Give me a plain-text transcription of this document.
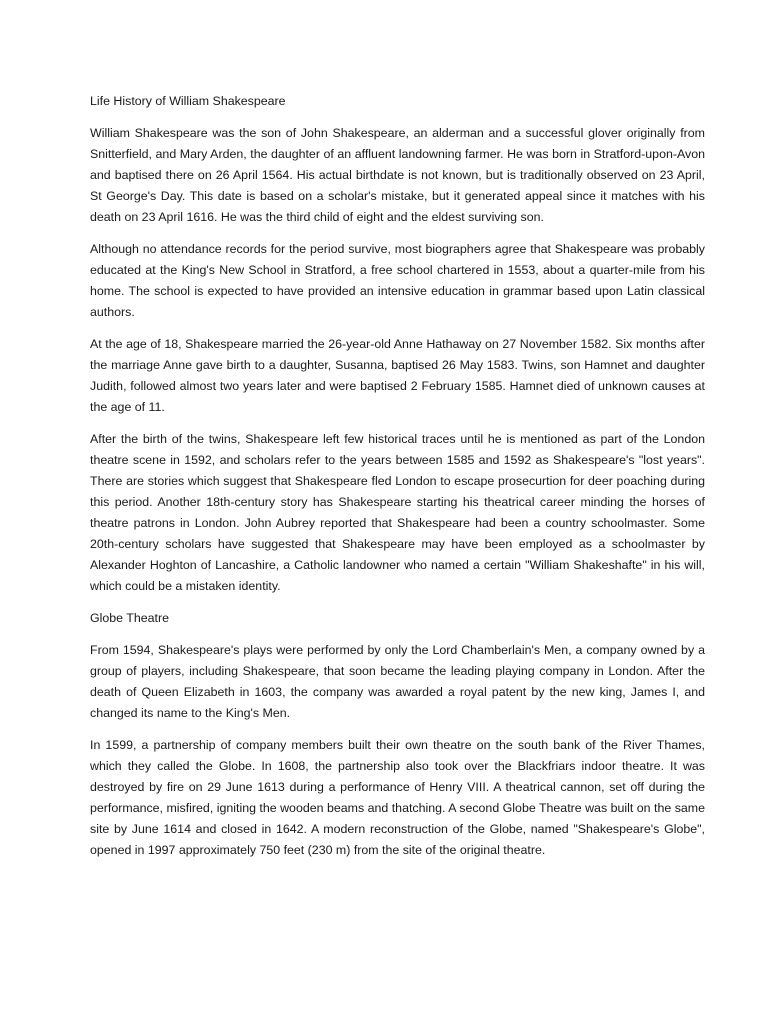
Life History of William Shakespeare

William Shakespeare was the son of John Shakespeare, an alderman and a successful glover originally from Snitterfield, and Mary Arden, the daughter of an affluent landowning farmer. He was born in Stratford-upon-Avon and baptised there on 26 April 1564. His actual birthdate is not known, but is traditionally observed on 23 April, St George's Day. This date is based on a scholar's mistake, but it generated appeal since it matches with his death on 23 April 1616. He was the third child of eight and the eldest surviving son.

Although no attendance records for the period survive, most biographers agree that Shakespeare was probably educated at the King's New School in Stratford, a free school chartered in 1553, about a quarter-mile from his home. The school is expected to have provided an intensive education in grammar based upon Latin classical authors.

At the age of 18, Shakespeare married the 26-year-old Anne Hathaway on 27 November 1582. Six months after the marriage Anne gave birth to a daughter, Susanna, baptised 26 May 1583. Twins, son Hamnet and daughter Judith, followed almost two years later and were baptised 2 February 1585. Hamnet died of unknown causes at the age of 11.

After the birth of the twins, Shakespeare left few historical traces until he is mentioned as part of the London theatre scene in 1592, and scholars refer to the years between 1585 and 1592 as Shakespeare's "lost years". There are stories which suggest that Shakespeare fled London to escape prosecurtion for deer poaching during this period. Another 18th-century story has Shakespeare starting his theatrical career minding the horses of theatre patrons in London. John Aubrey reported that Shakespeare had been a country schoolmaster. Some 20th-century scholars have suggested that Shakespeare may have been employed as a schoolmaster by Alexander Hoghton of Lancashire, a Catholic landowner who named a certain "William Shakeshafte" in his will, which could be a mistaken identity.

Globe Theatre

From 1594, Shakespeare's plays were performed by only the Lord Chamberlain's Men, a company owned by a group of players, including Shakespeare, that soon became the leading playing company in London. After the death of Queen Elizabeth in 1603, the company was awarded a royal patent by the new king, James I, and changed its name to the King's Men.

In 1599, a partnership of company members built their own theatre on the south bank of the River Thames, which they called the Globe. In 1608, the partnership also took over the Blackfriars indoor theatre. It was destroyed by fire on 29 June 1613 during a performance of Henry VIII. A theatrical cannon, set off during the performance, misfired, igniting the wooden beams and thatching. A second Globe Theatre was built on the same site by June 1614 and closed in 1642. A modern reconstruction of the Globe, named "Shakespeare's Globe", opened in 1997 approximately 750 feet (230 m) from the site of the original theatre.
